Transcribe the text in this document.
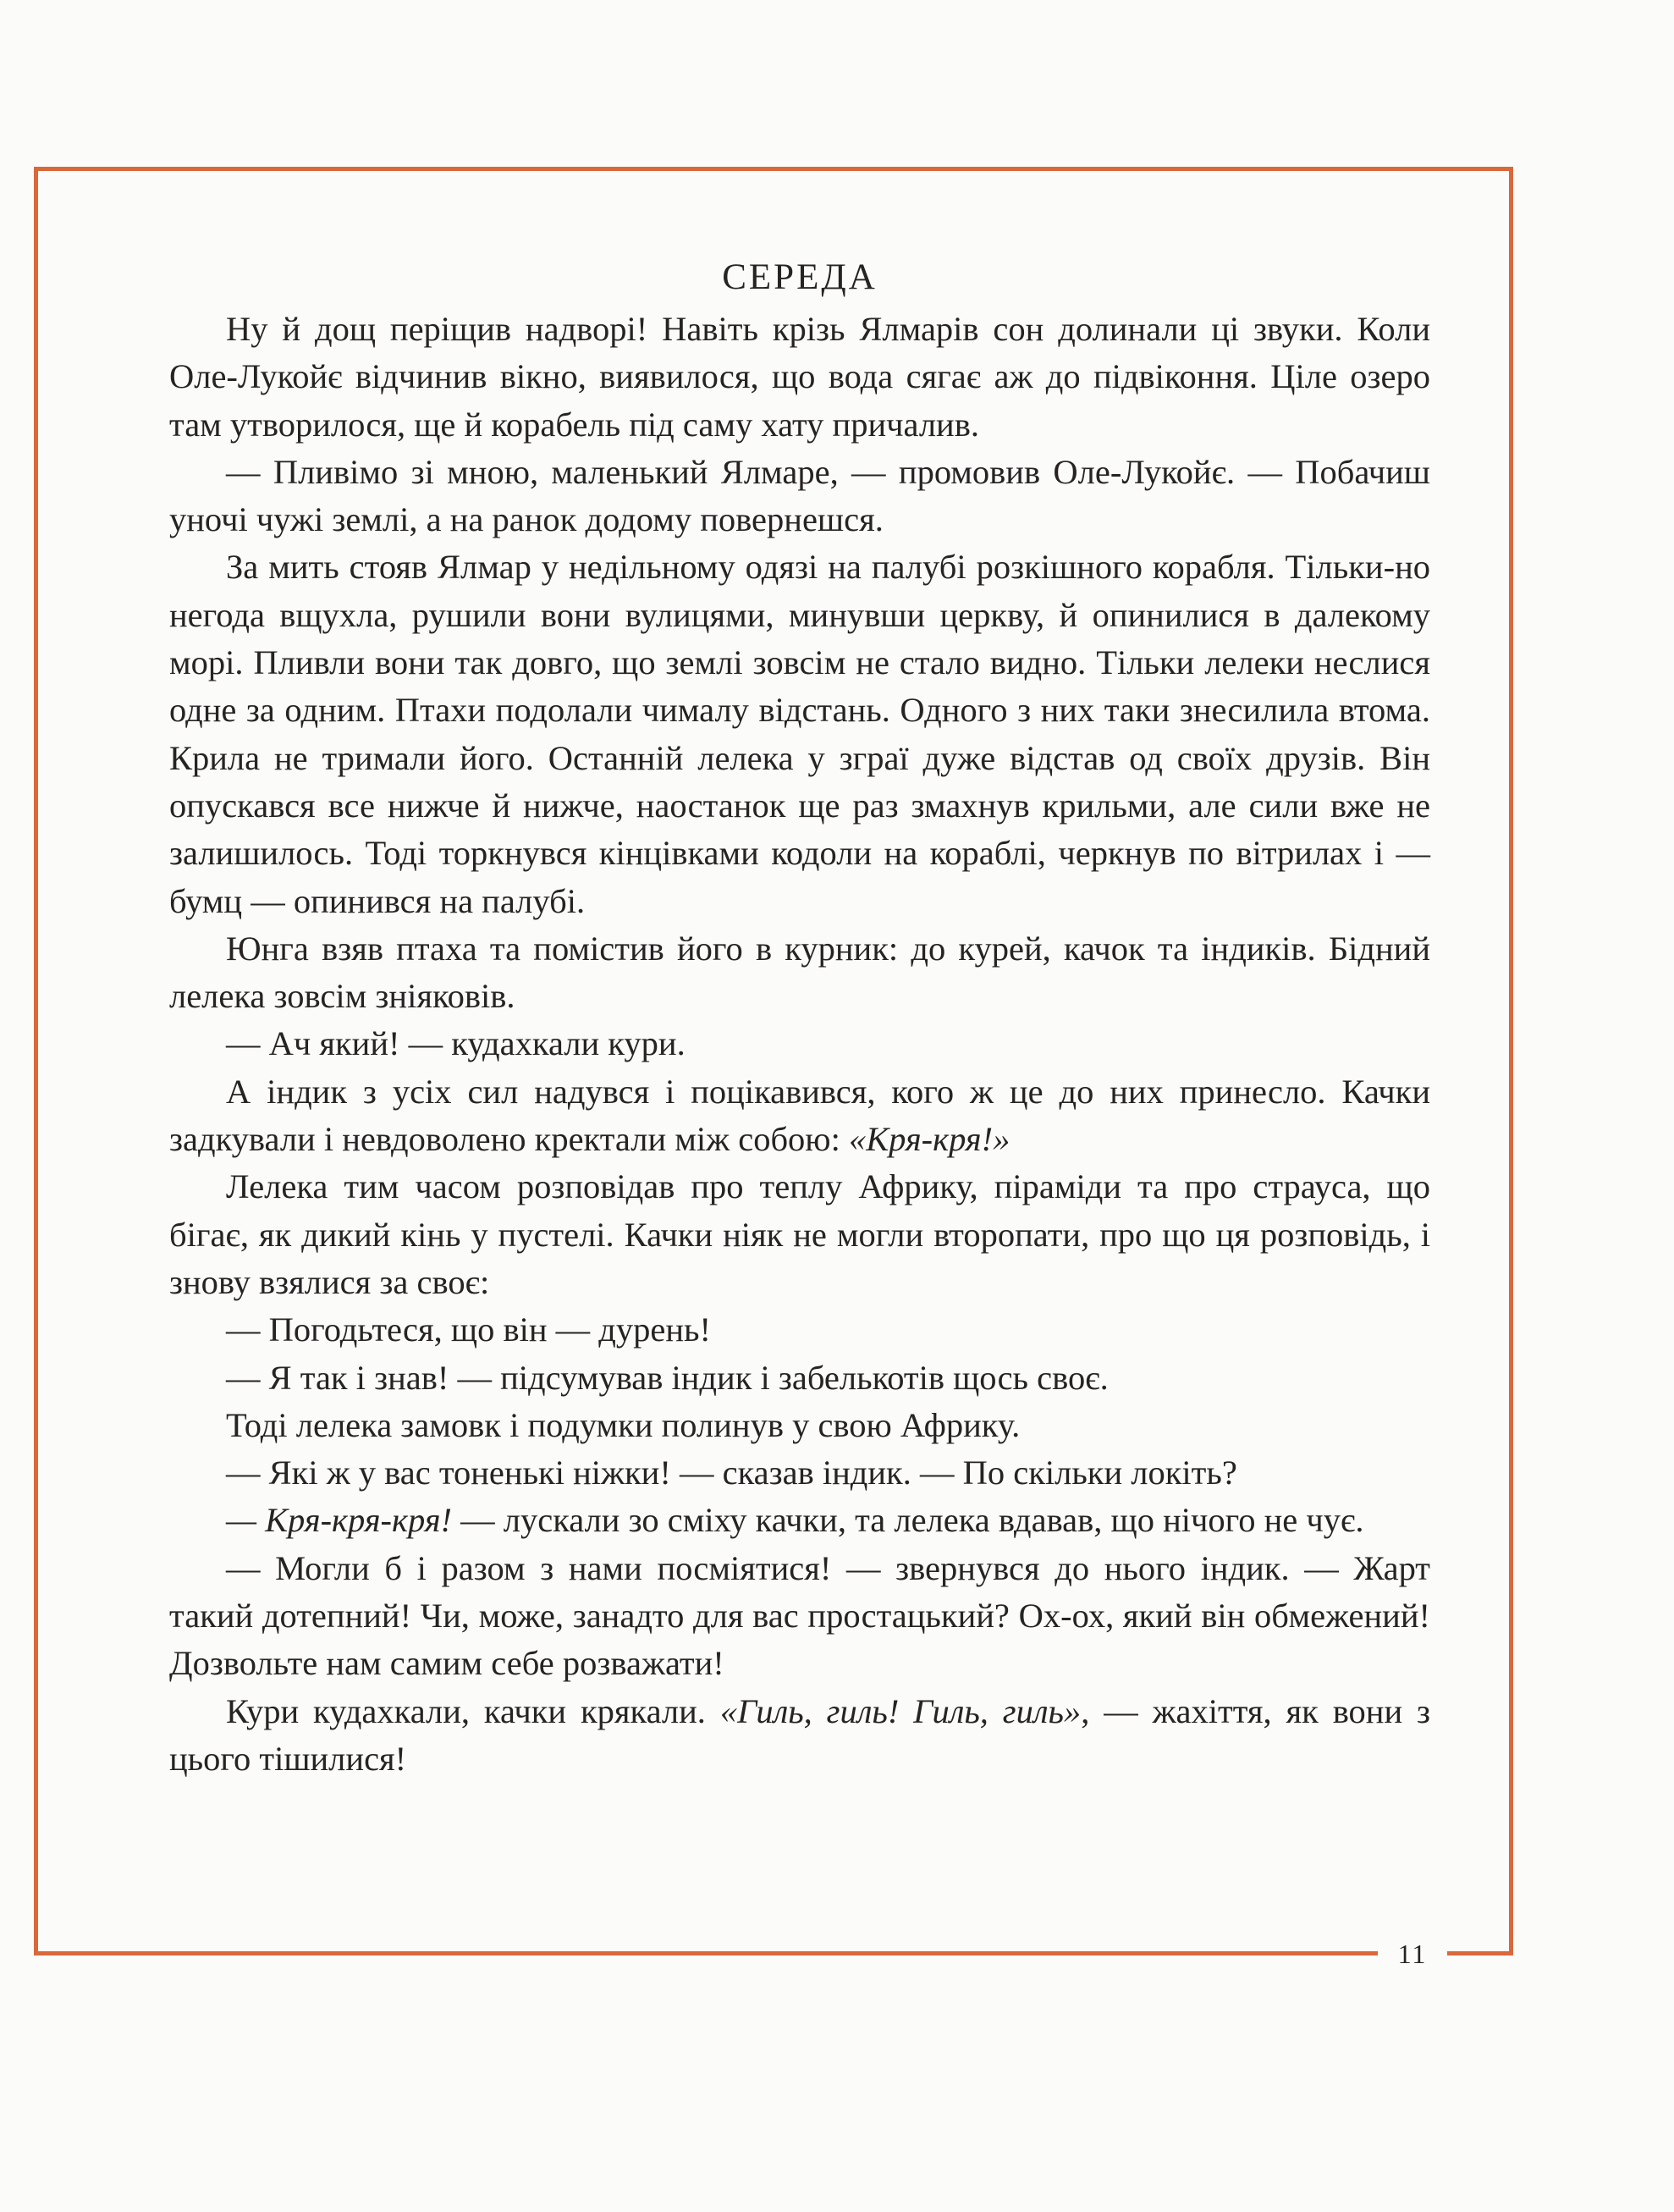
11
СЕРЕДА

Ну й дощ періщив надворі! Навіть крізь Ялмарів сон долинали ці звуки. Коли Оле-Лукойє відчинив вікно, виявилося, що вода сягає аж до підвіконня. Ціле озеро там утворилося, ще й корабель під саму хату причалив.

— Пливімо зі мною, маленький Ялмаре, — промовив Оле-Лукойє. — Побачиш уночі чужі землі, а на ранок додому повернешся.

За мить стояв Ялмар у недільному одязі на палубі розкішного корабля. Тільки-но негода вщухла, рушили вони вулицями, минувши церкву, й опинилися в далекому морі. Пливли вони так довго, що землі зовсім не стало видно. Тільки лелеки неслися одне за одним. Птахи подолали чималу відстань. Одного з них таки знесилила втома. Крила не тримали його. Останній лелека у зграї дуже відстав од своїх друзів. Він опускався все нижче й нижче, наостанок ще раз змахнув крильми, але сили вже не залишилось. Тоді торкнувся кінцівками кодоли на кораблі, черкнув по вітрилах і — бумц — опинився на палубі.

Юнга взяв птаха та помістив його в курник: до курей, качок та індиків. Бідний лелека зовсім зніяковів.

— Ач який! — кудахкали кури.

А індик з усіх сил надувся і поцікавився, кого ж це до них принесло. Качки задкували і невдоволено кректали між собою: «Кря-кря!»

Лелека тим часом розповідав про теплу Африку, піраміди та про страуса, що бігає, як дикий кінь у пустелі. Качки ніяк не могли второпати, про що ця розповідь, і знову взялися за своє:

— Погодьтеся, що він — дурень!

— Я так і знав! — підсумував індик і забелькотів щось своє.

Тоді лелека замовк і подумки полинув у свою Африку.

— Які ж у вас тоненькі ніжки! — сказав індик. — По скільки локіть?

— Кря-кря-кря! — лускали зо сміху качки, та лелека вдавав, що нічого не чує.

— Могли б і разом з нами посміятися! — звернувся до нього індик. — Жарт такий дотепний! Чи, може, занадто для вас простацький? Ох-ох, який він обмежений! Дозвольте нам самим себе розважати!

Кури кудахкали, качки крякали. «Гиль, гиль! Гиль, гиль», — жахіття, як вони з цього тішилися!
